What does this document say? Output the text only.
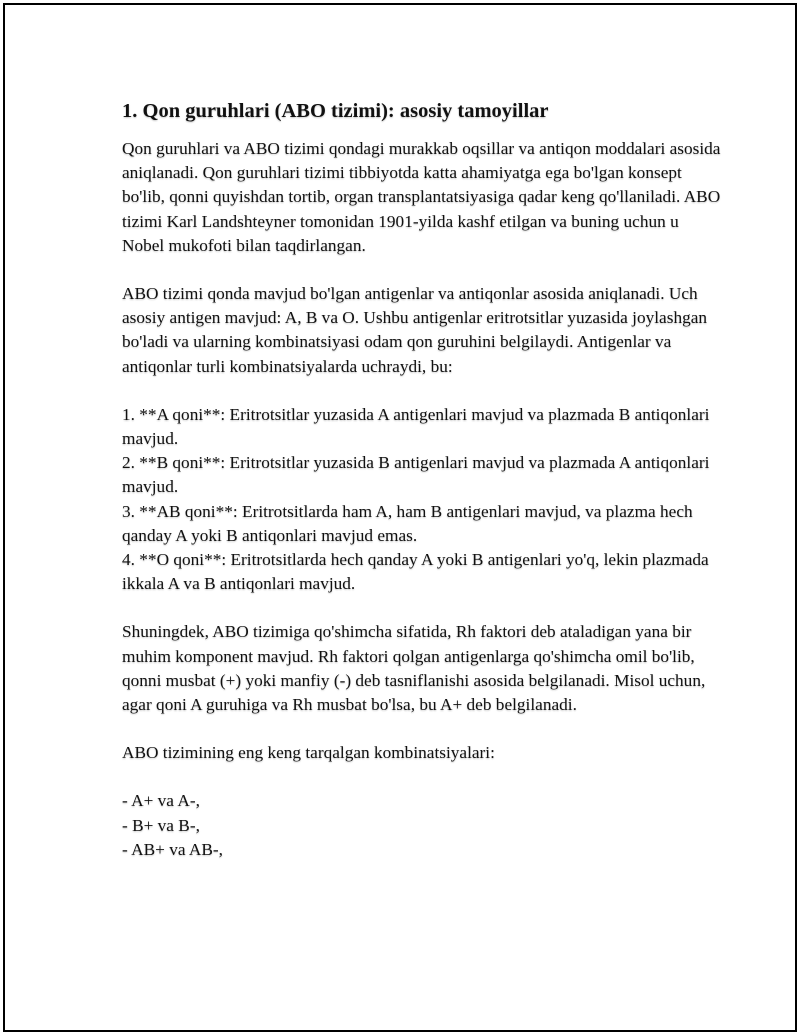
1. Qon guruhlari (ABO tizimi): asosiy tamoyillar

Qon guruhlari va ABO tizimi qondagi murakkab oqsillar va antiqon moddalari asosida aniqlanadi. Qon guruhlari tizimi tibbiyotda katta ahamiyatga ega bo'lgan konsept bo'lib, qonni quyishdan tortib, organ transplantatsiyasiga qadar keng qo'llaniladi. ABO tizimi Karl Landshteyner tomonidan 1901-yilda kashf etilgan va buning uchun u Nobel mukofoti bilan taqdirlangan.

ABO tizimi qonda mavjud bo'lgan antigenlar va antiqonlar asosida aniqlanadi. Uch asosiy antigen mavjud: A, B va O. Ushbu antigenlar eritrotsitlar yuzasida joylashgan bo'ladi va ularning kombinatsiyasi odam qon guruhini belgilaydi. Antigenlar va antiqonlar turli kombinatsiyalarda uchraydi, bu:

1. **A qoni**: Eritrotsitlar yuzasida A antigenlari mavjud va plazmada B antiqonlari mavjud.
2. **B qoni**: Eritrotsitlar yuzasida B antigenlari mavjud va plazmada A antiqonlari mavjud.
3. **AB qoni**: Eritrotsitlarda ham A, ham B antigenlari mavjud, va plazma hech qanday A yoki B antiqonlari mavjud emas.
4. **O qoni**: Eritrotsitlarda hech qanday A yoki B antigenlari yo'q, lekin plazmada ikkala A va B antiqonlari mavjud.

Shuningdek, ABO tizimiga qo'shimcha sifatida, Rh faktori deb ataladigan yana bir muhim komponent mavjud. Rh faktori qolgan antigenlarga qo'shimcha omil bo'lib, qonni musbat (+) yoki manfiy (-) deb tasniflanishi asosida belgilanadi. Misol uchun, agar qoni A guruhiga va Rh musbat bo'lsa, bu A+ deb belgilanadi.

ABO tizimining eng keng tarqalgan kombinatsiyalari:

- A+ va A-,
- B+ va B-,
- AB+ va AB-,
